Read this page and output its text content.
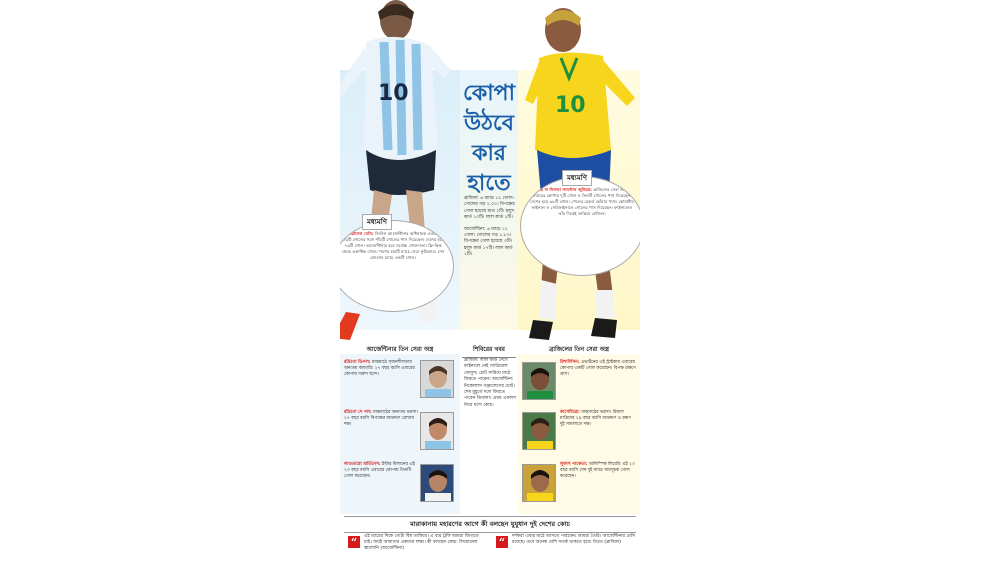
10	10
কোপা
উঠবে
কার
হাতে

ব্রাজিল: ৬ ম্যাচে ১২ গোল। গোলের গড় ২.০০। বিপক্ষের গোল হয়েছে মাত্র ২টি। হলুদ কার্ড ১০টি। লাল কার্ড ১টি।

আর্জেন্টিনা: ৬ ম্যাচে ১১ গোল। গোলের গড় ১.৮৩। বিপক্ষের গোল হয়েছে ৩টি। হলুদ কার্ড ১৭টি। লাল কার্ড ১টি।

মধ্যমণি
লিয়োনেল মেসি: জিনিস আর্জেন্টিনার অধিনায়ক এবারের চারটি গোলের সঙ্গে পাঁচটি গোলের পাস দিয়েছেন। দেশের হয়ে ৭৬টি গোল। আর্জেন্টিনার হয়ে সর্বোচ্চ গোলদাতা। ফ্রি-কিক থেকে একাধিক গোল। পরপর চারটি ম্যাচে সেরা ফুটবলার। শেষ ষোলোর ম্যাচে একটি গোল।
মধ্যমণি
নেমার দা সিলভা স্যান্টোস জুনিয়র: ব্রাজিলের সেরা তারকা এবারের কোপায় দুটি গোল ও তিনটি গোলের পাস দিয়েছেন। দেশের হয়ে ৬৮টি গোল। পেলের রেকর্ড ছোঁয়ার পথে। কোয়ার্টার ফাইনাল ও সেমিফাইনালে গোলের পাস দিয়েছেন। ফাইনালেও তাঁর দিকেই তাকিয়ে ব্রাজিল।
আর্জেন্টিনার তিন সেরা অস্ত্র	শিবিরের খবর	ব্রাজিলের তিন সেরা অস্ত্র
রদ্রিগো ডিপল: মাঝমাঠে সৃজনশীলতার অন্যতম কান্ডারি। ২৭ বছর বয়সি এবারের কোপায় দারুণ ছন্দে।
রদ্রিগো দে পল: মাঝমাঠের অন্যতম ভরসা। ২৭ বছর বয়সি বিপক্ষের আক্রমণ রোখায় দক্ষ।
লাওতারো মার্তিনেস: ইন্টার মিলানের এই ২৩ বছর বয়সি এবারের কোপায় তিনটি গোল করেছেন।
ব্রাজিল: লাল কার্ড দেখে ফাইনালে নেই গ্যাব্রিয়েল জেসুস। চোট সারিয়ে মাঠে ফিরতে পারেন। আর্জেন্টিনা: নিকোলাস গঞ্জালেসের চোট। শেষ মুহূর্তে দলে ফিরতে পারেন ডিবালা। প্রথম একাদশ নিয়ে ধন্দে কোচ।
রিশার্লিসন: এভার্টনের এই স্ট্রাইকার এবারের কোপায় একটি গোল করেছেন। বিপক্ষ রক্ষণে ত্রাস।
কাসেমিরো: মাঝমাঠের ভরসা। রিয়াল মাদ্রিদের ২৯ বছর বয়সি আক্রমণ ও রক্ষণ দুই সামলাতে দক্ষ।
লুকাস পাকেতা: অলিম্পিক লিয়োঁর এই ২৩ বছর বয়সি শেষ দুই ম্যাচে জয়সূচক গোল করেছেন।
মারাকানায় মহারণের আগে কী বলছেন যুযুধান দুই দেশের কোচ
“	এই ম্যাচের দিকে গোটা বিশ্ব তাকিয়ে। এ বার ট্রফি আমরা জিততে চাই। জয়ই আমাদের একমাত্র লক্ষ্য। কী বলছেন কোচ: লিয়োনেল স্কালোনি (আর্জেন্টিনা)	“	দর্শকরা এবার মাঠে আসতে পারবেন। আমরা তৈরি। আর্জেন্টিনার মেসি রয়েছে। তবে অনেক বেশি সতর্ক থাকতে হবে। তিতে (ব্রাজিল)
